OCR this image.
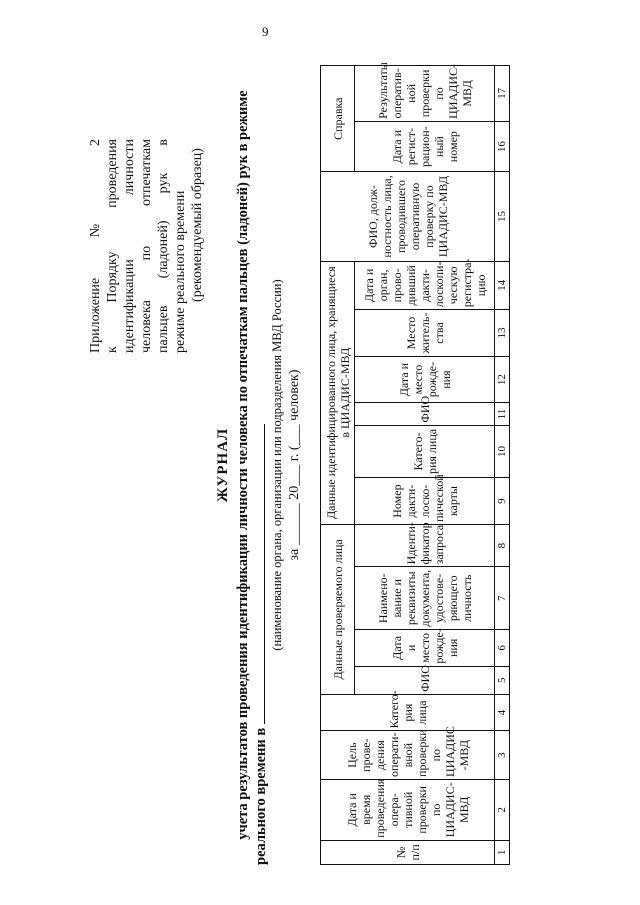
9
Приложение № 2 к Порядку проведения идентификации личности человека по отпечаткам пальцев (ладоней) рук в режиме реального времени (рекомендуемый образец)
ЖУРНАЛ учета результатов проведения идентификации личности человека по отпечаткам пальцев (ладоней) рук в режиме реального времени в
(наименование органа, организации или подразделения МВД России) за ______ 20___ г. (___ человек)
№ п/п	Дата и время проведения опера-тивной проверки по ЦИАДИС-МВД	Цель прове-дения операти-вной проверки по ЦИАДИС -МВД	Катего-рия лица	Данные проверяемого лица				Данные идентифицированного лица, хранящиеся в ЦИАДИС-МВД						ФИО, долж-ностность лица, проводившего оперативную проверку по ЦИАДИС-МВД	Справка	
				ФИО	Дата и место рожде-ния	Наимено-вание и реквизиты документа, удостове-ряющего личность	Иденти-фикатор запроса	Номер дакти-лоско-пической карты	Катего-рия лица	ФИО	Дата и место рожде-ния	Место житель-ства	Дата и орган, прово-дивший дакти-лоскопи-ческую регистра-цию		Дата и регист-рацион-ный номер	Результаты оператив-ной проверки по ЦИАДИС-МВД

1	2	3	4	5	6	7	8	9	10	11	12	13	14	15	16	17
